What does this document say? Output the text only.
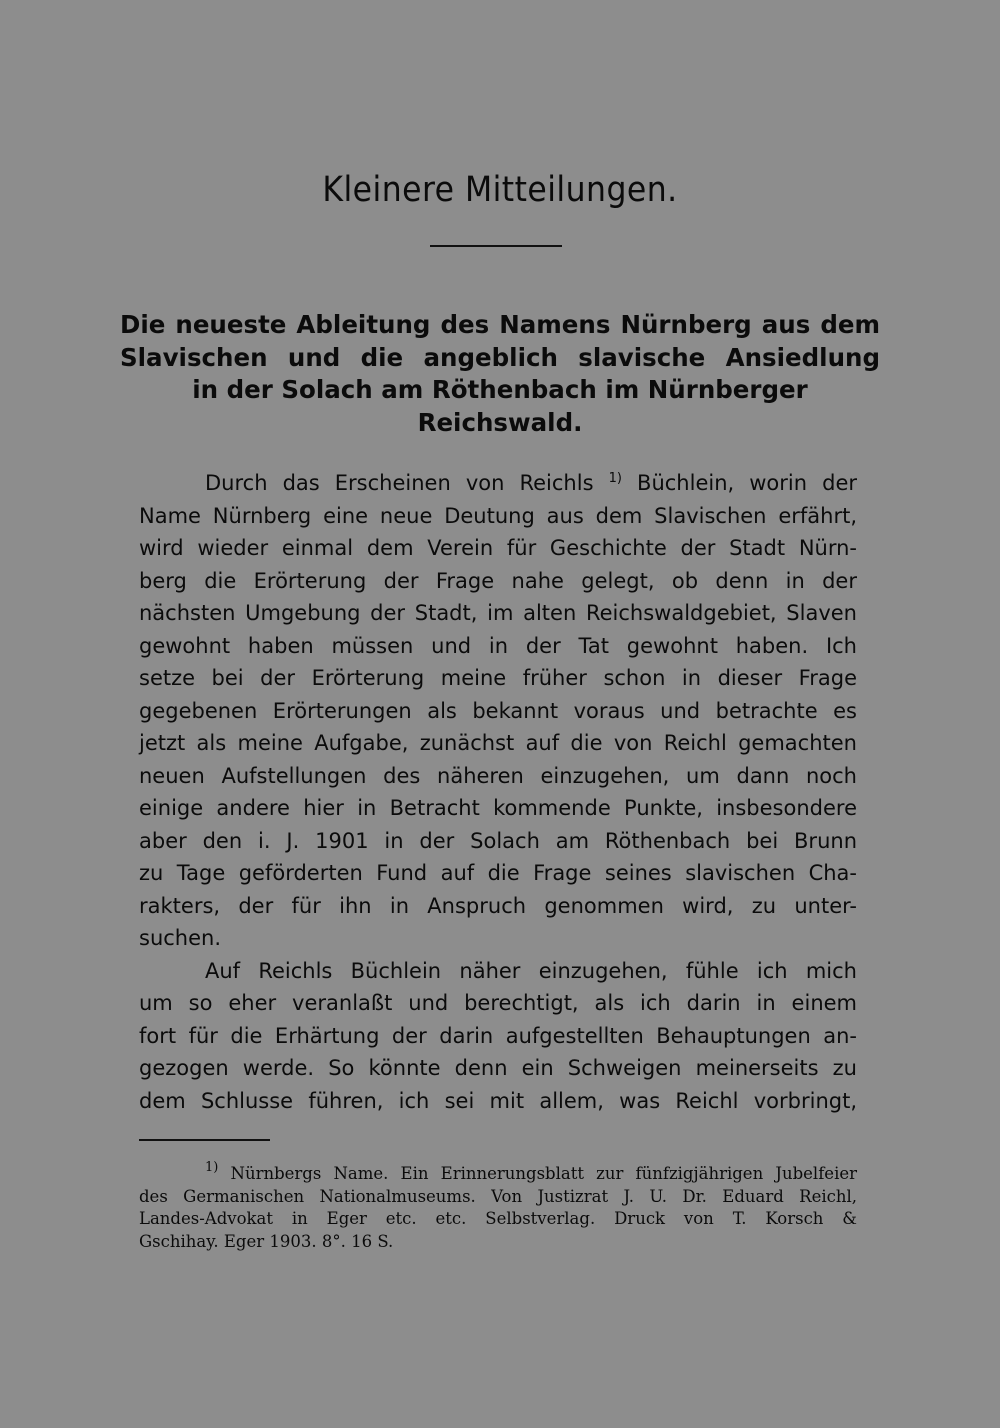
Kleinere Mitteilungen.
Die neueste Ableitung des Namens Nürnberg aus dem
Slavischen und die angeblich slavische Ansiedlung
in der Solach am Röthenbach im Nürnberger
Reichswald.
Durch das Erscheinen von Reichls $^{1)}$ Büchlein, worin der
Name Nürnberg eine neue Deutung aus dem Slavischen erfährt,
wird wieder einmal dem Verein für Geschichte der Stadt Nürn-
berg die Erörterung der Frage nahe gelegt, ob denn in der
nächsten Umgebung der Stadt, im alten Reichswaldgebiet, Slaven
gewohnt haben müssen und in der Tat gewohnt haben. Ich
setze bei der Erörterung meine früher schon in dieser Frage
gegebenen Erörterungen als bekannt voraus und betrachte es
jetzt als meine Aufgabe, zunächst auf die von Reichl gemachten
neuen Aufstellungen des näheren einzugehen, um dann noch
einige andere hier in Betracht kommende Punkte, insbesondere
aber den i. J. 1901 in der Solach am Röthenbach bei Brunn
zu Tage geförderten Fund auf die Frage seines slavischen Cha-
rakters, der für ihn in Anspruch genommen wird, zu unter-
suchen.
Auf Reichls Büchlein näher einzugehen, fühle ich mich
um so eher veranlaßt und berechtigt, als ich darin in einem
fort für die Erhärtung der darin aufgestellten Behauptungen an-
gezogen werde. So könnte denn ein Schweigen meinerseits zu
dem Schlusse führen, ich sei mit allem, was Reichl vorbringt,
$^{1)}$ Nürnbergs Name. Ein Erinnerungsblatt zur fünfzigjährigen Jubelfeier
des Germanischen Nationalmuseums. Von Justizrat J. U. Dr. Eduard Reichl,
Landes-Advokat in Eger etc. etc. Selbstverlag. Druck von T. Korsch &
Gschihay. Eger 1903. 8°. 16 S.
